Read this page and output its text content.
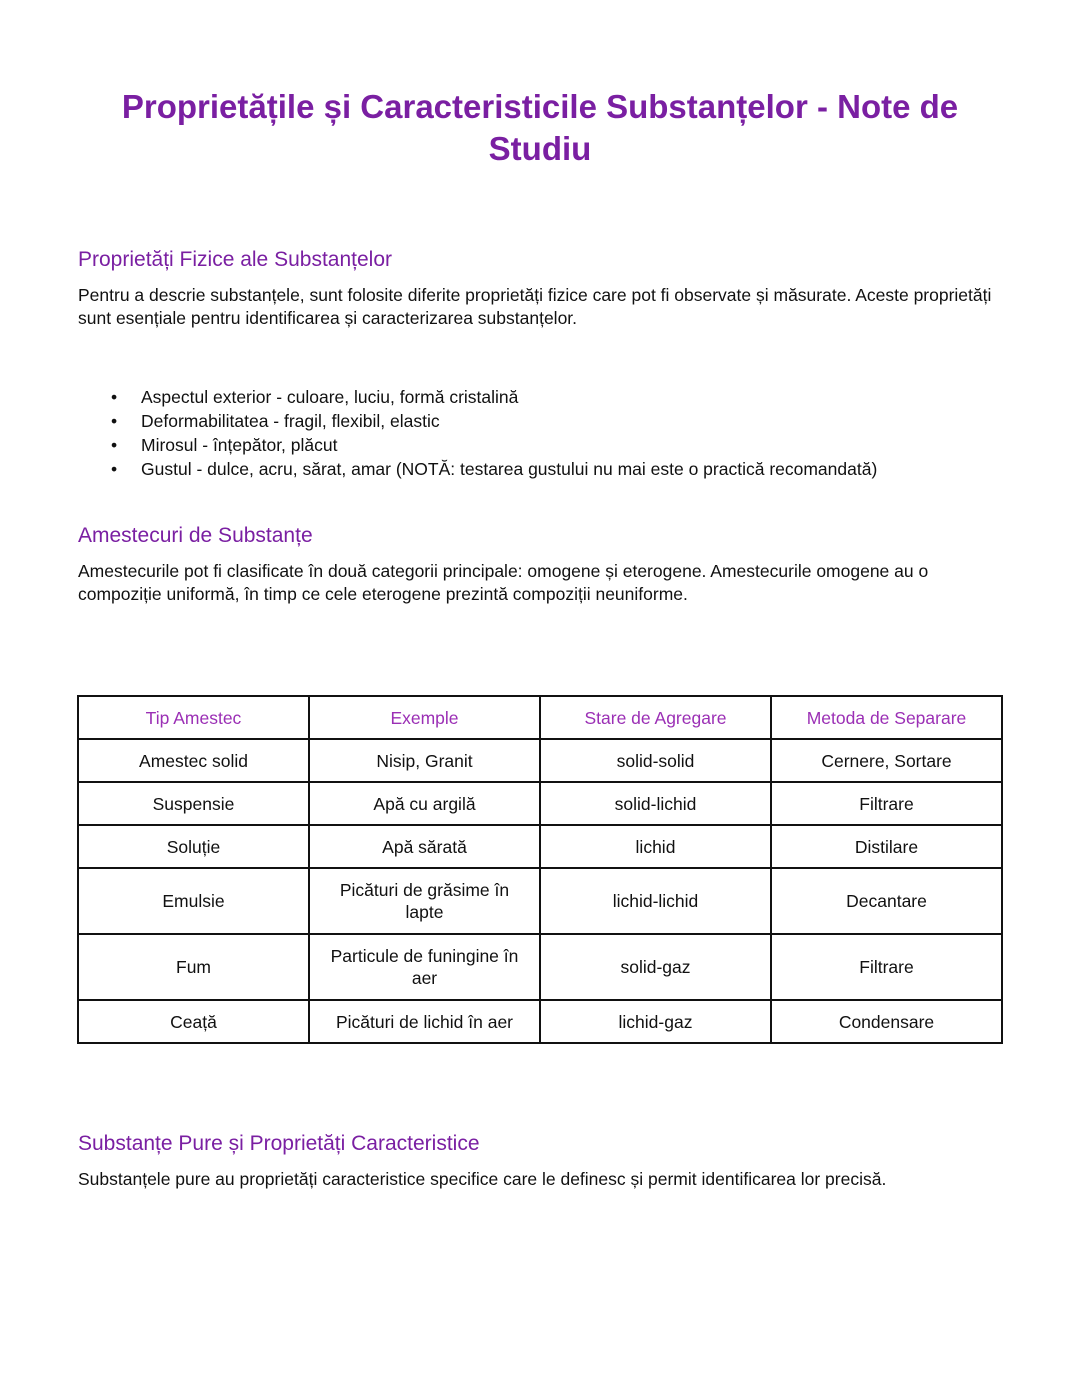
Proprietățile și Caracteristicile Substanțelor - Note de Studiu
Proprietăți Fizice ale Substanțelor

Pentru a descrie substanțele, sunt folosite diferite proprietăți fizice care pot fi observate și măsurate. Aceste proprietăți sunt esențiale pentru identificarea și caracterizarea substanțelor.

• Aspectul exterior - culoare, luciu, formă cristalină
• Deformabilitatea - fragil, flexibil, elastic
• Mirosul - înțepător, plăcut
• Gustul - dulce, acru, sărat, amar (NOTĂ: testarea gustului nu mai este o practică recomandată)
Amestecuri de Substanțe

Amestecurile pot fi clasificate în două categorii principale: omogene și eterogene. Amestecurile omogene au o compoziție uniformă, în timp ce cele eterogene prezintă compoziții neuniforme.

Tip Amestec	Exemple	Stare de Agregare	Metoda de Separare
Amestec solid	Nisip, Granit	solid-solid	Cernere, Sortare
Suspensie	Apă cu argilă	solid-lichid	Filtrare
Soluție	Apă sărată	lichid	Distilare
Emulsie	Picături de grăsime în lapte	lichid-lichid	Decantare
Fum	Particule de funingine în aer	solid-gaz	Filtrare
Ceață	Picături de lichid în aer	lichid-gaz	Condensare
Substanțe Pure și Proprietăți Caracteristice

Substanțele pure au proprietăți caracteristice specifice care le definesc și permit identificarea lor precisă.
